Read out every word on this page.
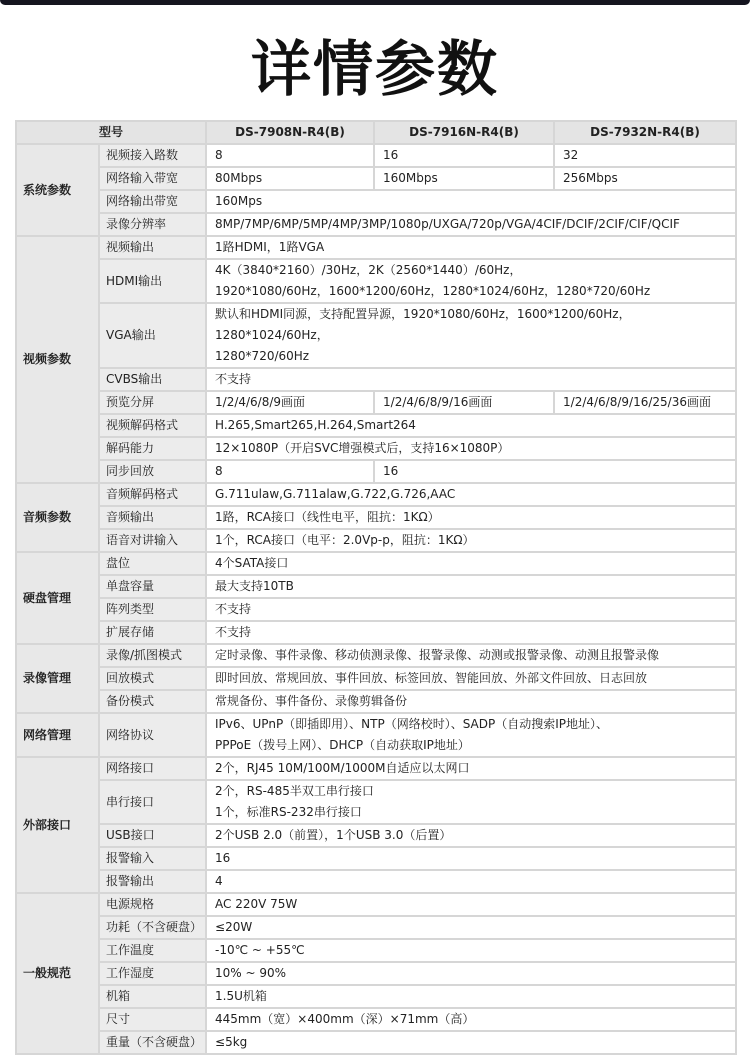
详情参数
型号		DS-7908N-R4(B)	DS-7916N-R4(B)	DS-7932N-R4(B)
系统参数	视频接入路数	8	16	32
	网络输入带宽	80Mbps	160Mbps	256Mbps
	网络输出带宽	160Mps		
	录像分辨率	8MP/7MP/6MP/5MP/4MP/3MP/1080p/UXGA/720p/VGA/4CIF/DCIF/2CIF/CIF/QCIF		
视频参数	视频输出	1路HDMI，1路VGA		
	HDMI输出	4K（3840*2160）/30Hz，2K（2560*1440）/60Hz，
1920*1080/60Hz，1600*1200/60Hz，1280*1024/60Hz，1280*720/60Hz		
	VGA输出	默认和HDMI同源，支持配置异源，1920*1080/60Hz，1600*1200/60Hz，1280*1024/60Hz，
1280*720/60Hz		
	CVBS输出	不支持		
	预览分屏	1/2/4/6/8/9画面	1/2/4/6/8/9/16画面	1/2/4/6/8/9/16/25/36画面
	视频解码格式	H.265,Smart265,H.264,Smart264		
	解码能力	12×1080P（开启SVC增强模式后，支持16×1080P）		
	同步回放	8	16	
音频参数	音频解码格式	G.711ulaw,G.711alaw,G.722,G.726,AAC		
	音频输出	1路，RCA接口（线性电平，阻抗：1KΩ）		
	语音对讲输入	1个，RCA接口（电平：2.0Vp-p，阻抗：1KΩ）		
硬盘管理	盘位	4个SATA接口		
	单盘容量	最大支持10TB		
	阵列类型	不支持		
	扩展存储	不支持		
录像管理	录像/抓图模式	定时录像、事件录像、移动侦测录像、报警录像、动测或报警录像、动测且报警录像		
	回放模式	即时回放、常规回放、事件回放、标签回放、智能回放、外部文件回放、日志回放		
	备份模式	常规备份、事件备份、录像剪辑备份		
网络管理	网络协议	IPv6、UPnP（即插即用）、NTP（网络校时）、SADP（自动搜索IP地址）、
PPPoE（拨号上网）、DHCP（自动获取IP地址）		
外部接口	网络接口	2个，RJ45 10M/100M/1000M自适应以太网口		
	串行接口	2个，RS-485半双工串行接口
1个，标准RS-232串行接口		
	USB接口	2个USB 2.0（前置），1个USB 3.0（后置）		
	报警输入	16		
	报警输出	4		
一般规范	电源规格	AC 220V 75W		
	功耗（不含硬盘）	≤20W		
	工作温度	-10℃ ~ +55℃		
	工作湿度	10% ~ 90%		
	机箱	1.5U机箱		
	尺寸	445mm（宽）×400mm（深）×71mm（高）		
	重量（不含硬盘）	≤5kg		
